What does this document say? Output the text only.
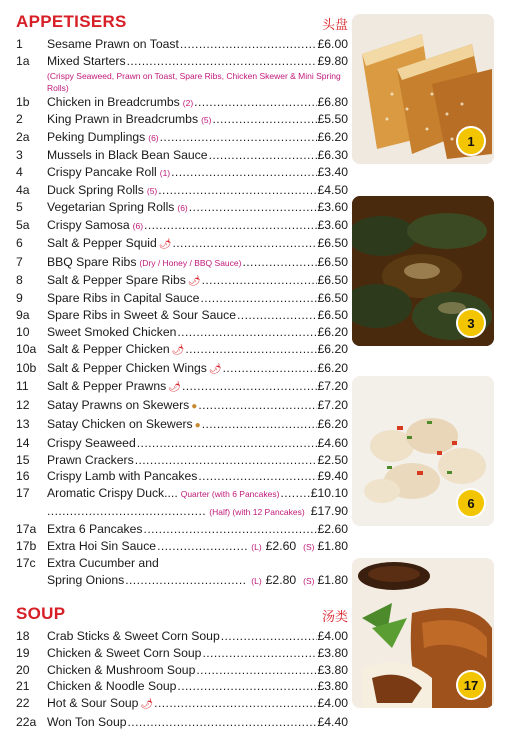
APPETISERS	头盘
1	Sesame Prawn on Toast .....	£6.00
1a	Mixed Starters .....	£9.80
(Crispy Seaweed, Prawn on Toast, Spare Ribs, Chicken Skewer & Mini Spring Rolls)
1b	Chicken in Breadcrumbs (2) .....	£6.80
2	King Prawn in Breadcrumbs (5) .....	£5.50
2a	Peking Dumplings (6) .....	£6.20
3	Mussels in Black Bean Sauce .....	£6.30
4	Crispy Pancake Roll (1) .....	£3.40
4a	Duck Spring Rolls (5) .....	£4.50
5	Vegetarian Spring Rolls (6) .....	£3.60
5a	Crispy Samosa (6) .....	£3.60
6	Salt & Pepper Squid 🌶 .....	£6.50
7	BBQ Spare Ribs (Dry / Honey / BBQ Sauce) .....	£6.50
8	Salt & Pepper Spare Ribs 🌶 .....	£6.50
9	Spare Ribs in Capital Sauce .....	£6.50
9a	Spare Ribs in Sweet & Sour Sauce .....	£6.50
10	Sweet Smoked Chicken .....	£6.20
10a Salt & Pepper Chicken 🌶 .....	£6.20
10b Salt & Pepper Chicken Wings 🌶 .....	£6.20
11	Salt & Pepper Prawns 🌶 .....	£7.20
12	Satay Prawns on Skewers ● .....	£7.20
13	Satay Chicken on Skewers ● .....	£6.20
14	Crispy Seaweed .....	£4.60
15	Prawn Crackers .....	£2.50
16	Crispy Lamb with Pancakes .....	£9.40
17	Aromatic Crispy Duck.... Quarter (with 6 Pancakes) .....	£10.10
.....
(Half) (with 12 Pancakes) £17.90
17a Extra 6 Pancakes .....	£2.60
17b Extra Hoi Sin Sauce .....	(L) £2.60 (S) £1.80
17c Extra Cucumber and
Spring Onions .....	(L) £2.80 (S) £1.80
SOUP	汤类
18	Crab Sticks & Sweet Corn Soup .....	£4.00
19	Chicken & Sweet Corn Soup .....	£3.80
20	Chicken & Mushroom Soup .....	£3.80
21	Chicken & Noodle Soup .....	£3.80
22	Hot & Sour Soup 🌶 .....	£4.00
22a Won Ton Soup .....	£4.40
1
3
6
17
